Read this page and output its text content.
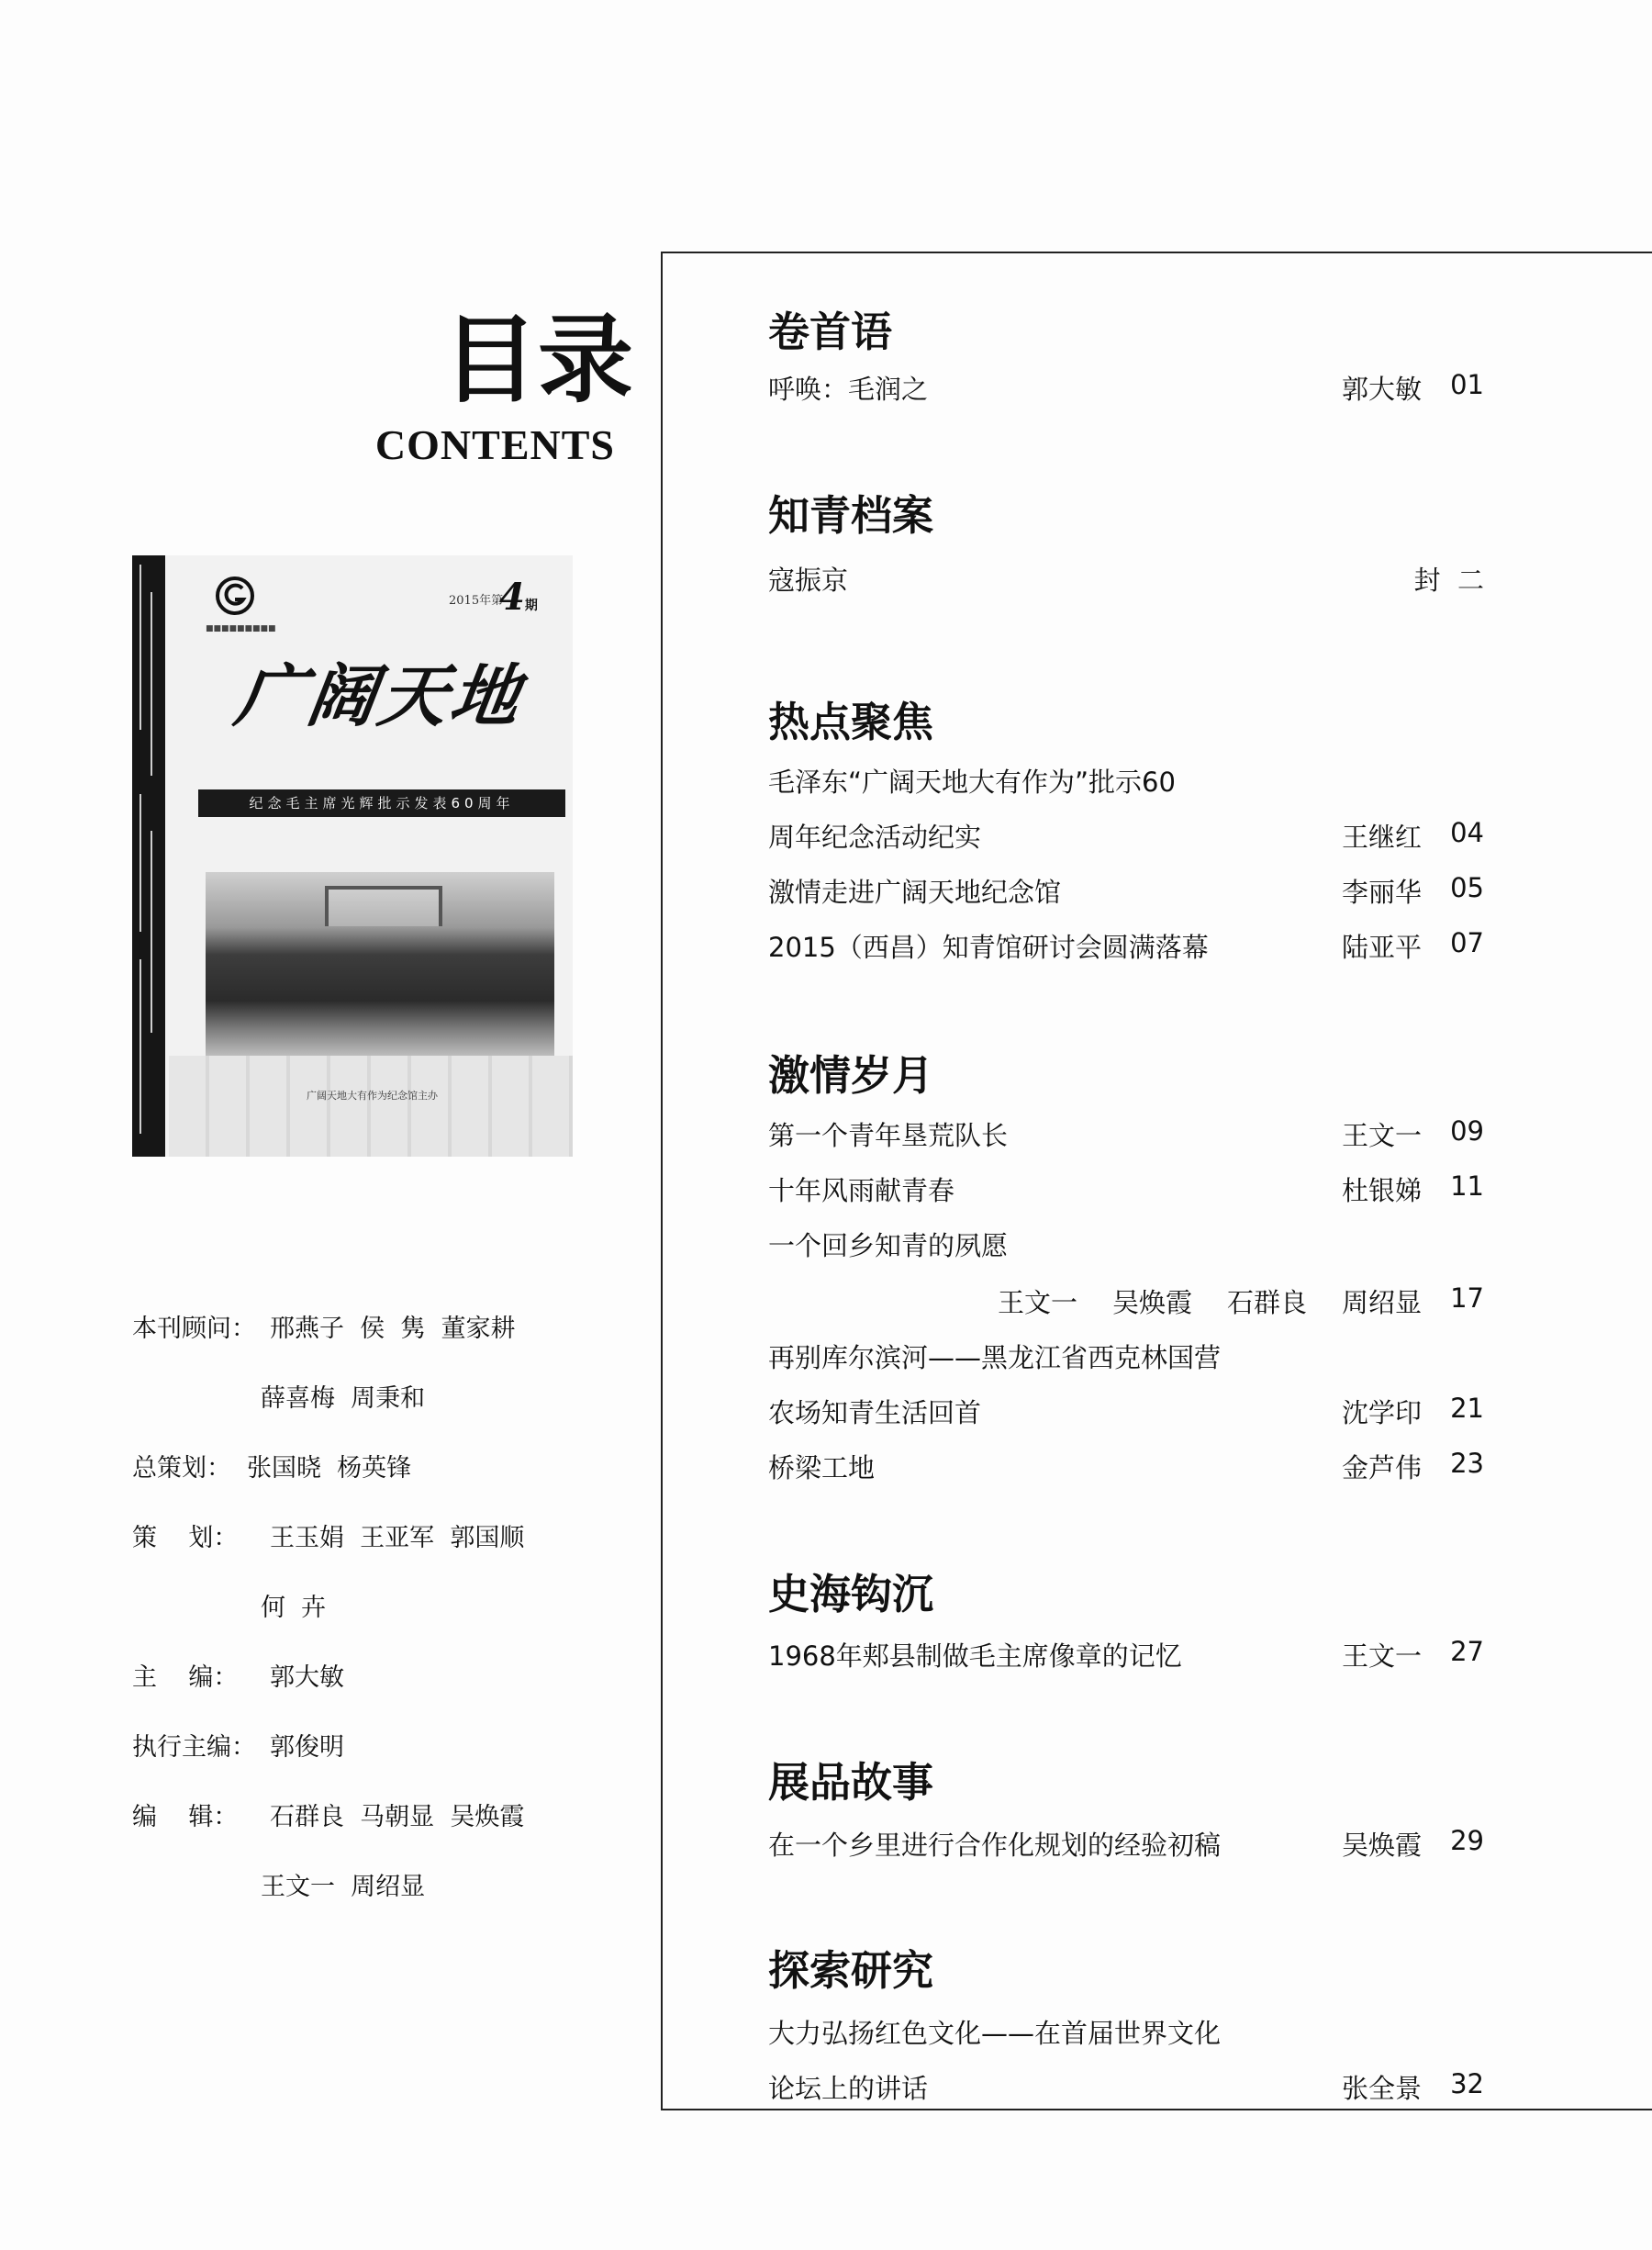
目录
CONTENTS
■■■■■■■■■
2015年第
4期
广阔天地
纪念毛主席光辉批示发表60周年
广阔天地大有作为纪念馆主办
本刊顾问： 邢燕子  侯  隽  董家耕
薛喜梅  周秉和
总策划： 张国晓  杨英锋
策    划： 王玉娟  王亚军  郭国顺
何  卉
主    编： 郭大敏
执行主编： 郭俊明
编    辑： 石群良  马朝显  吴焕霞
王文一  周绍显
卷首语
呼唤：毛润之	郭大敏	01
知青档案
寇振京	封  二
热点聚焦
毛泽东“广阔天地大有作为”批示60
周年纪念活动纪实	王继红	04
激情走进广阔天地纪念馆	李丽华	05
2015（西昌）知青馆研讨会圆满落幕	陆亚平	07
激情岁月
第一个青年垦荒队长	王文一	09
十年风雨献青春	杜银娣	11
一个回乡知青的夙愿
王文一 吴焕霞 石群良 周绍显	17
再别库尔滨河——黑龙江省西克林国营
农场知青生活回首	沈学印	21
桥梁工地	金芦伟	23
史海钩沉
1968年郏县制做毛主席像章的记忆	王文一	27
展品故事
在一个乡里进行合作化规划的经验初稿	吴焕霞	29
探索研究
大力弘扬红色文化——在首届世界文化
论坛上的讲话	张全景	32
